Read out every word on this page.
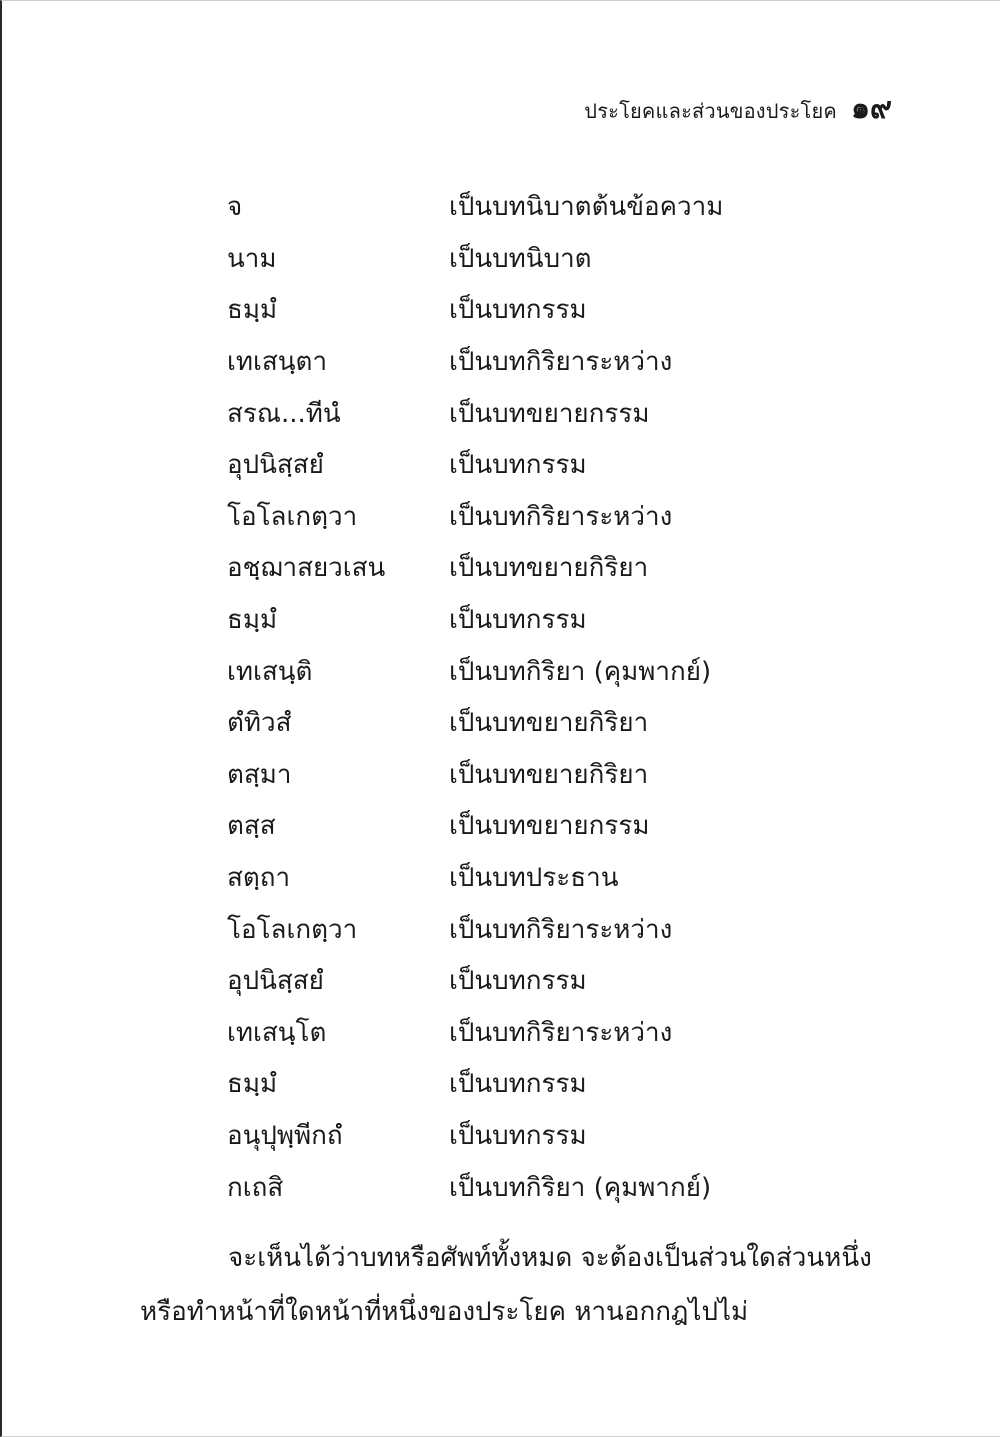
ประโยคและส่วนของประโยค ๑๙
จ	เป็นบทนิบาตต้นข้อความ
นาม	เป็นบทนิบาต
ธมฺมํ	เป็นบทกรรม
เทเสนฺตา	เป็นบทกิริยาระหว่าง
สรณ...ทีนํ	เป็นบทขยายกรรม
อุปนิสฺสยํ	เป็นบทกรรม
โอโลเกตฺวา	เป็นบทกิริยาระหว่าง
อชฺฌาสยวเสน	เป็นบทขยายกิริยา
ธมฺมํ	เป็นบทกรรม
เทเสนฺติ	เป็นบทกิริยา (คุมพากย์)
ตํทิวสํ	เป็นบทขยายกิริยา
ตสฺมา	เป็นบทขยายกิริยา
ตสฺส	เป็นบทขยายกรรม
สตฺถา	เป็นบทประธาน
โอโลเกตฺวา	เป็นบทกิริยาระหว่าง
อุปนิสฺสยํ	เป็นบทกรรม
เทเสนฺโต	เป็นบทกิริยาระหว่าง
ธมฺมํ	เป็นบทกรรม
อนุปุพฺพีกถํ	เป็นบทกรรม
กเถสิ	เป็นบทกิริยา (คุมพากย์)
จะเห็นได้ว่าบทหรือศัพท์ทั้งหมด จะต้องเป็นส่วนใดส่วนหนึ่ง
หรือทำหน้าที่ใดหน้าที่หนึ่งของประโยค หานอกกฎไปไม่
